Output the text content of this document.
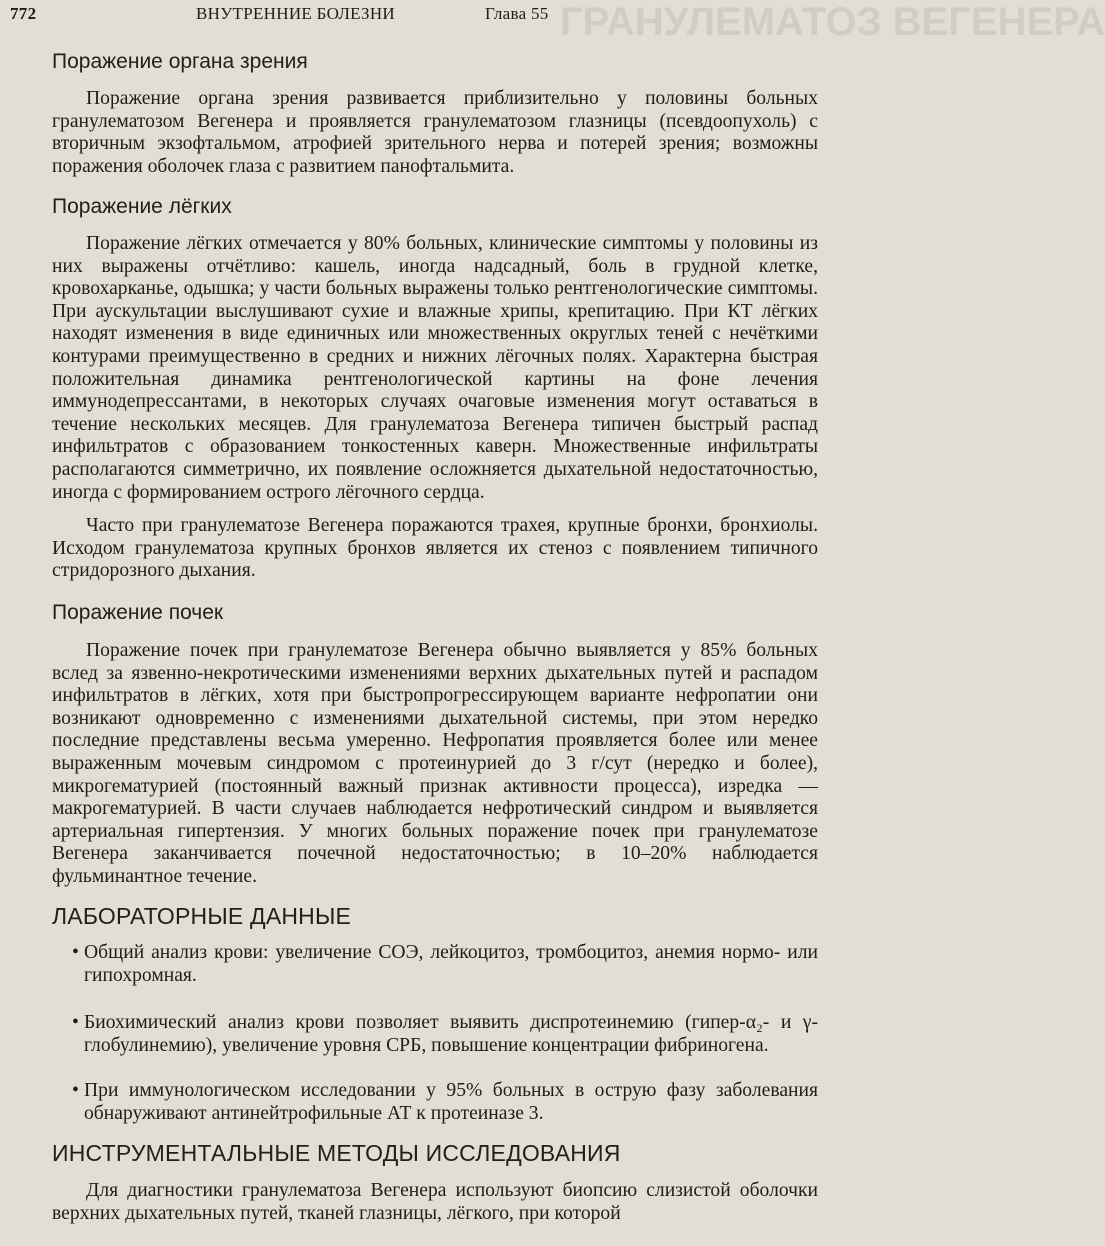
ГРАНУЛЕМАТОЗ ВЕГЕНЕРА
772	ВНУТРЕННИЕ БОЛЕЗНИ	Глава 55
Поражение органа зрения

Поражение органа зрения развивается приблизительно у половины больных гранулематозом Вегенера и проявляется гранулематозом глазницы (псевдоопухоль) с вторичным экзофтальмом, атрофией зрительного нерва и потерей зрения; возможны поражения оболочек глаза с развитием панофтальмита.

Поражение лёгких

Поражение лёгких отмечается у 80% больных, клинические симптомы у половины из них выражены отчётливо: кашель, иногда надсадный, боль в грудной клетке, кровохарканье, одышка; у части больных выражены только рентгенологические симптомы. При аускультации выслушивают сухие и влажные хрипы, крепитацию. При КТ лёгких находят изменения в виде единичных или множественных округлых теней с нечёткими контурами преимущественно в средних и нижних лёгочных полях. Характерна быстрая положительная динамика рентгенологической картины на фоне лечения иммунодепрессантами, в некоторых случаях очаговые изменения могут оставаться в течение нескольких месяцев. Для гранулематоза Вегенера типичен быстрый распад инфильтратов с образованием тонкостенных каверн. Множественные инфильтраты располагаются симметрично, их появление осложняется дыхательной недостаточностью, иногда с формированием острого лёгочного сердца.

Часто при гранулематозе Вегенера поражаются трахея, крупные бронхи, бронхиолы. Исходом гранулематоза крупных бронхов является их стеноз с появлением типичного стридорозного дыхания.

Поражение почек

Поражение почек при гранулематозе Вегенера обычно выявляется у 85% больных вслед за язвенно-некротическими изменениями верхних дыхательных путей и распадом инфильтратов в лёгких, хотя при быстропрогрессирующем варианте нефропатии они возникают одновременно с изменениями дыхательной системы, при этом нередко последние представлены весьма умеренно. Нефропатия проявляется более или менее выраженным мочевым синдромом с протеинурией до 3 г/сут (нередко и более), микрогематурией (постоянный важный признак активности процесса), изредка — макрогематурией. В части случаев наблюдается нефротический синдром и выявляется артериальная гипертензия. У многих больных поражение почек при гранулематозе Вегенера заканчивается почечной недостаточностью; в 10–20% наблюдается фульминантное течение.

ЛАБОРАТОРНЫЕ ДАННЫЕ
• Общий анализ крови: увеличение СОЭ, лейкоцитоз, тромбоцитоз, анемия нормо- или гипохромная.
• Биохимический анализ крови позволяет выявить диспротеинемию (гипер-α₂- и γ-глобулинемию), увеличение уровня СРБ, повышение концентрации фибриногена.
• При иммунологическом исследовании у 95% больных в острую фазу заболевания обнаруживают антинейтрофильные АТ к протеиназе 3.
ИНСТРУМЕНТАЛЬНЫЕ МЕТОДЫ ИССЛЕДОВАНИЯ

Для диагностики гранулематоза Вегенера используют биопсию слизистой оболочки верхних дыхательных путей, тканей глазницы, лёгкого, при которой
